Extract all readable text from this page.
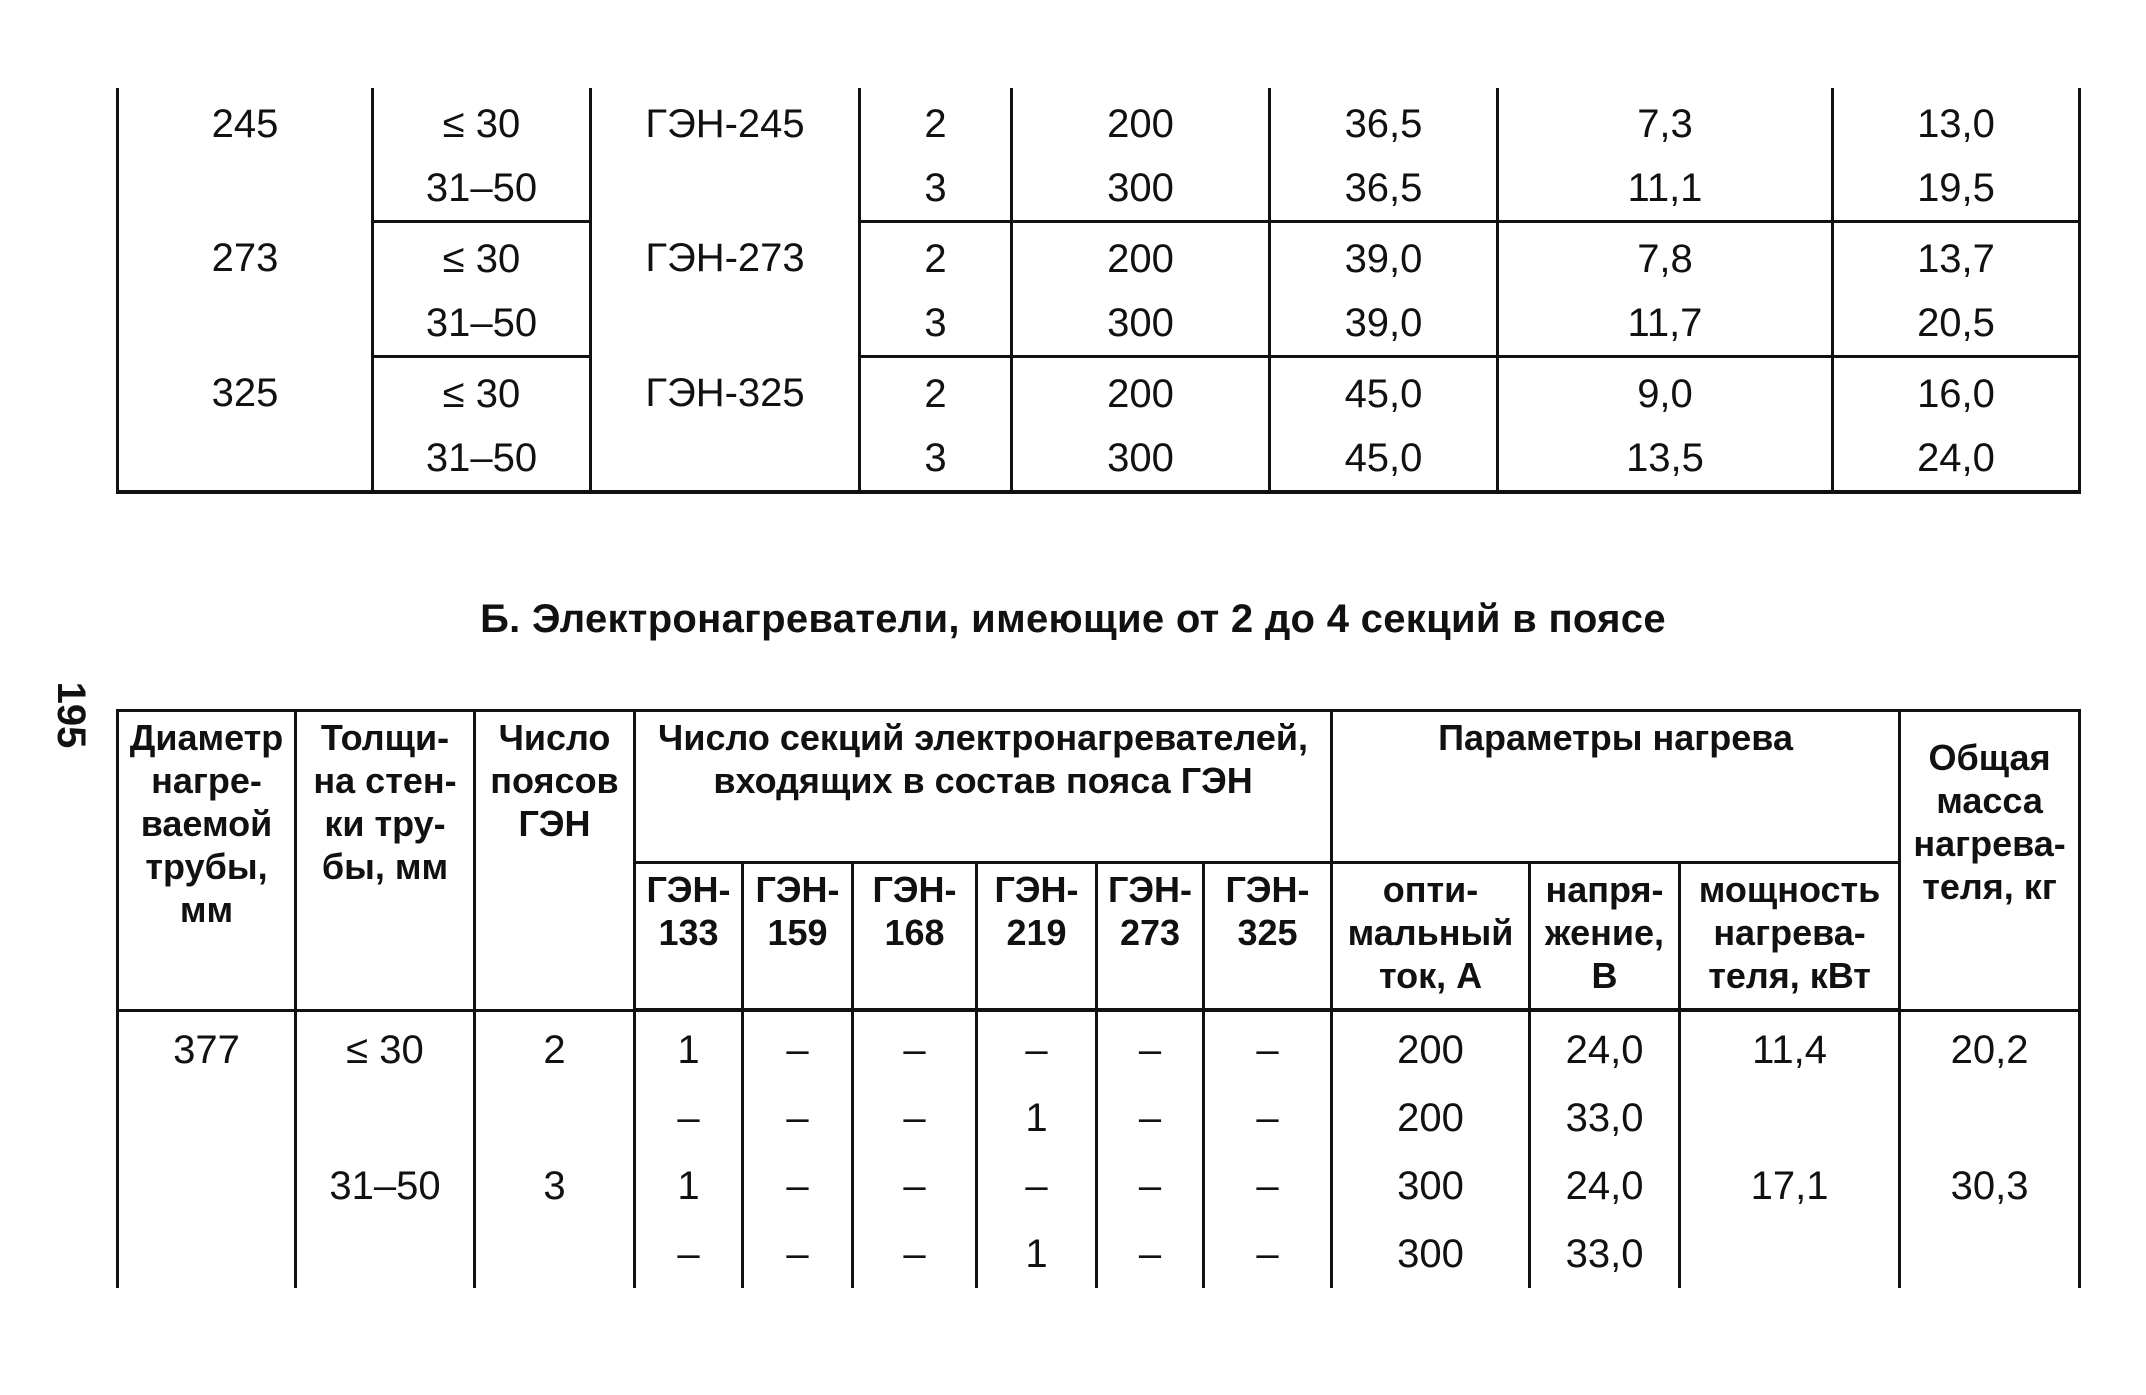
245	≤ 30	ГЭН-245	2	200	36,5	7,3	13,0
	31–50		3	300	36,5	11,1	19,5
273	≤ 30	ГЭН-273	2	200	39,0	7,8	13,7
	31–50		3	300	39,0	11,7	20,5
325	≤ 30	ГЭН-325	2	200	45,0	9,0	16,0
	31–50		3	300	45,0	13,5	24,0
Б. Электронагреватели, имеющие от 2 до 4 секций в поясе
195 Диаметр нагре- ваемой трубы, мм	Толщи- на стен- ки тру- бы, мм	Число поясов ГЭН	Число секций электронагревателей, входящих в состав пояса ГЭН						Параметры нагрева			Общая масса нагрева- теля, кг
			ГЭН- 133	ГЭН- 159	ГЭН- 168	ГЭН- 219	ГЭН- 273	ГЭН- 325	опти- мальный ток, А	напря- жение, В	мощность нагрева- теля, кВт	
377	≤ 30	2	1	–	–	–	–	–	200	24,0	11,4	20,2
			–	–	–	1	–	–	200	33,0		
	31–50	3	1	–	–	–	–	–	300	24,0	17,1	30,3
			–	–	–	1	–	–	300	33,0		
